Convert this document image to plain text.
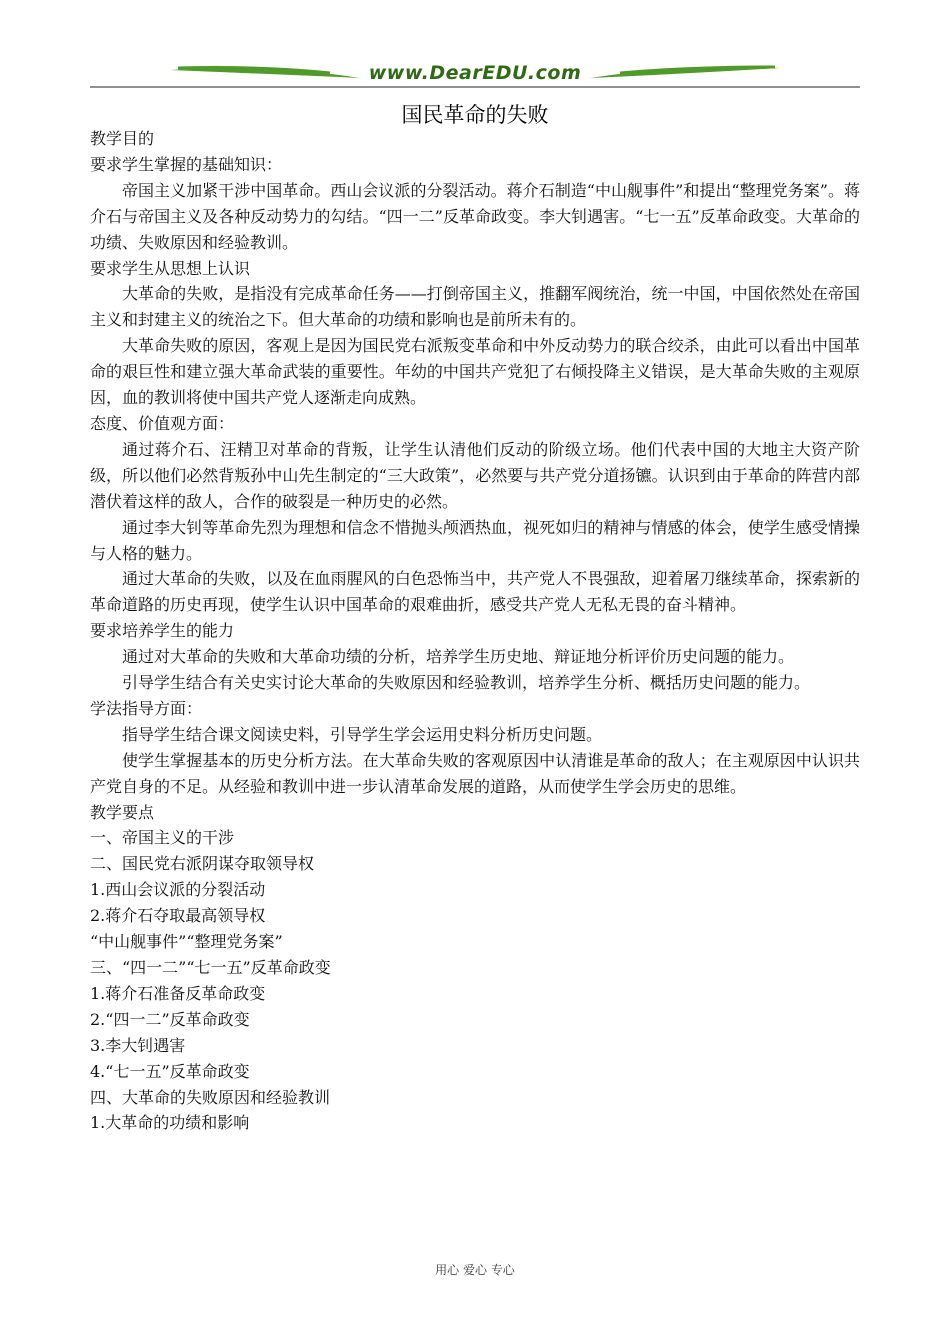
www.DearEDU.com
国民革命的失败

教学目的

要求学生掌握的基础知识：

帝国主义加紧干涉中国革命。西山会议派的分裂活动。蒋介石制造“中山舰事件”和提出“整理党务案”。蒋介石与帝国主义及各种反动势力的勾结。“四一二”反革命政变。李大钊遇害。“七一五”反革命政变。大革命的功绩、失败原因和经验教训。

要求学生从思想上认识

大革命的失败，是指没有完成革命任务——打倒帝国主义，推翻军阀统治，统一中国，中国依然处在帝国主义和封建主义的统治之下。但大革命的功绩和影响也是前所未有的。

大革命失败的原因，客观上是因为国民党右派叛变革命和中外反动势力的联合绞杀，由此可以看出中国革命的艰巨性和建立强大革命武装的重要性。年幼的中国共产党犯了右倾投降主义错误，是大革命失败的主观原因，血的教训将使中国共产党人逐渐走向成熟。

态度、价值观方面：

通过蒋介石、汪精卫对革命的背叛，让学生认清他们反动的阶级立场。他们代表中国的大地主大资产阶级，所以他们必然背叛孙中山先生制定的“三大政策”，必然要与共产党分道扬镳。认识到由于革命的阵营内部潜伏着这样的敌人，合作的破裂是一种历史的必然。

通过李大钊等革命先烈为理想和信念不惜抛头颅洒热血，视死如归的精神与情感的体会，使学生感受情操与人格的魅力。

通过大革命的失败，以及在血雨腥风的白色恐怖当中，共产党人不畏强敌，迎着屠刀继续革命，探索新的革命道路的历史再现，使学生认识中国革命的艰难曲折，感受共产党人无私无畏的奋斗精神。

要求培养学生的能力

通过对大革命的失败和大革命功绩的分析，培养学生历史地、辩证地分析评价历史问题的能力。

引导学生结合有关史实讨论大革命的失败原因和经验教训，培养学生分析、概括历史问题的能力。

学法指导方面：

指导学生结合课文阅读史料，引导学生学会运用史料分析历史问题。

使学生掌握基本的历史分析方法。在大革命失败的客观原因中认清谁是革命的敌人；在主观原因中认识共产党自身的不足。从经验和教训中进一步认清革命发展的道路，从而使学生学会历史的思维。

教学要点

一、帝国主义的干涉

二、国民党右派阴谋夺取领导权

1.西山会议派的分裂活动

2.蒋介石夺取最高领导权

“中山舰事件”“整理党务案”

三、“四一二”“七一五”反革命政变

1.蒋介石准备反革命政变

2.“四一二”反革命政变

3.李大钊遇害

4.“七一五”反革命政变

四、大革命的失败原因和经验教训

1.大革命的功绩和影响

用心 爱心 专心
